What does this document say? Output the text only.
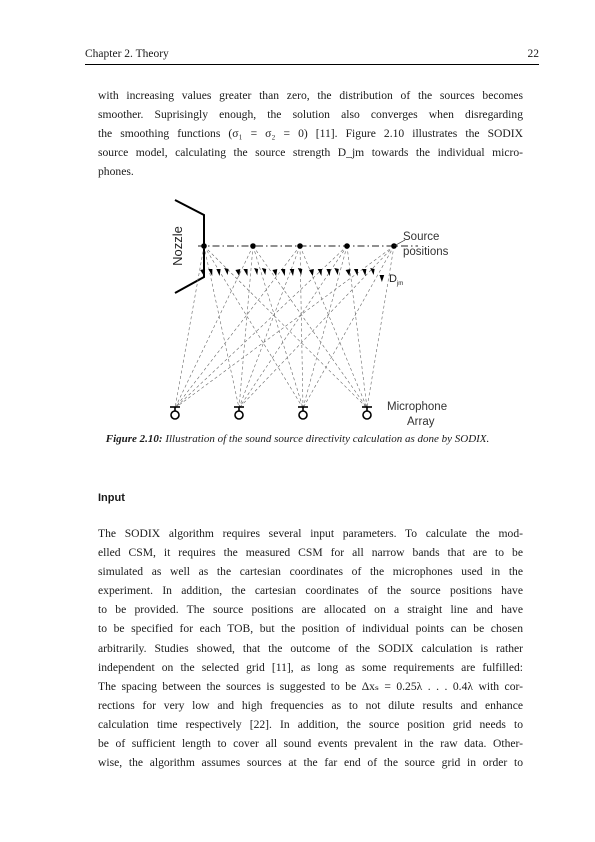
Chapter 2. Theory	22
with increasing values greater than zero, the distribution of the sources becomes
smoother. Suprisingly enough, the solution also converges when disregarding
the smoothing functions (σ₁ = σ₂ = 0) [11]. Figure 2.10 illustrates the SODIX
source model, calculating the source strength D_jm towards the individual micro-
phones.
Nozzle	Source
positions
$D_{jm}$
Microphone
Array
Figure 2.10: Illustration of the sound source directivity calculation as done by SODIX.
Input
The SODIX algorithm requires several input parameters. To calculate the mod-
elled CSM, it requires the measured CSM for all narrow bands that are to be
simulated as well as the cartesian coordinates of the microphones used in the
experiment. In addition, the cartesian coordinates of the source positions have
to be provided. The source positions are allocated on a straight line and have
to be specified for each TOB, but the position of individual points can be chosen
arbitrarily. Studies showed, that the outcome of the SODIX calculation is rather
independent on the selected grid [11], as long as some requirements are fulfilled:
The spacing between the sources is suggested to be Δxₛ = 0.25λ . . . 0.4λ with cor-
rections for very low and high frequencies as to not dilute results and enhance
calculation time respectively [22]. In addition, the source position grid needs to
be of sufficient length to cover all sound events prevalent in the raw data. Other-
wise, the algorithm assumes sources at the far end of the source grid in order to
